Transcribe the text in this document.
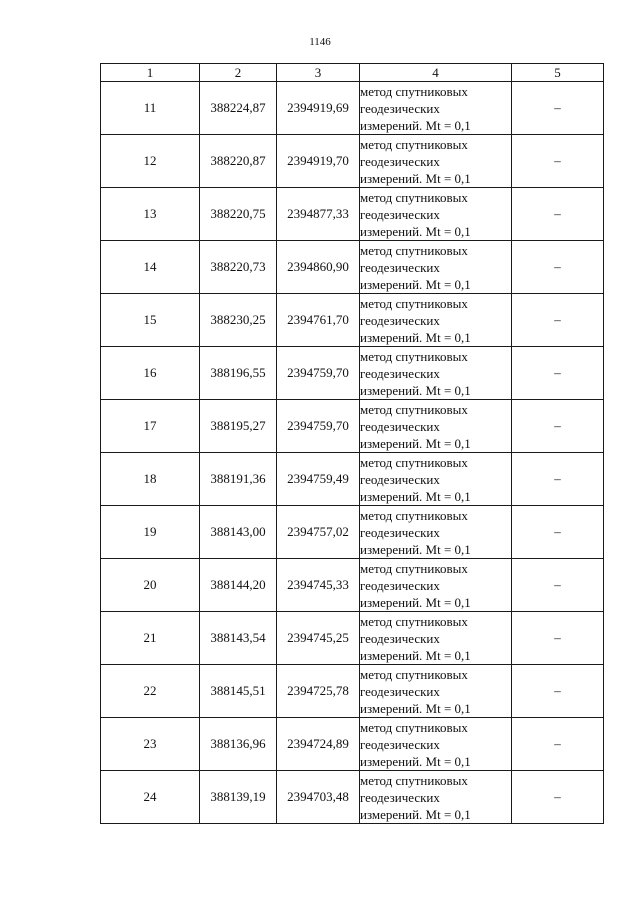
1146
1	2	3	4	5
11	388224,87	2394919,69	метод спутниковых
геодезических
измерений. Mt = 0,1	–
12	388220,87	2394919,70	метод спутниковых
геодезических
измерений. Mt = 0,1	–
13	388220,75	2394877,33	метод спутниковых
геодезических
измерений. Mt = 0,1	–
14	388220,73	2394860,90	метод спутниковых
геодезических
измерений. Mt = 0,1	–
15	388230,25	2394761,70	метод спутниковых
геодезических
измерений. Mt = 0,1	–
16	388196,55	2394759,70	метод спутниковых
геодезических
измерений. Mt = 0,1	–
17	388195,27	2394759,70	метод спутниковых
геодезических
измерений. Mt = 0,1	–
18	388191,36	2394759,49	метод спутниковых
геодезических
измерений. Mt = 0,1	–
19	388143,00	2394757,02	метод спутниковых
геодезических
измерений. Mt = 0,1	–
20	388144,20	2394745,33	метод спутниковых
геодезических
измерений. Mt = 0,1	–
21	388143,54	2394745,25	метод спутниковых
геодезических
измерений. Mt = 0,1	–
22	388145,51	2394725,78	метод спутниковых
геодезических
измерений. Mt = 0,1	–
23	388136,96	2394724,89	метод спутниковых
геодезических
измерений. Mt = 0,1	–
24	388139,19	2394703,48	метод спутниковых
геодезических
измерений. Mt = 0,1	–
